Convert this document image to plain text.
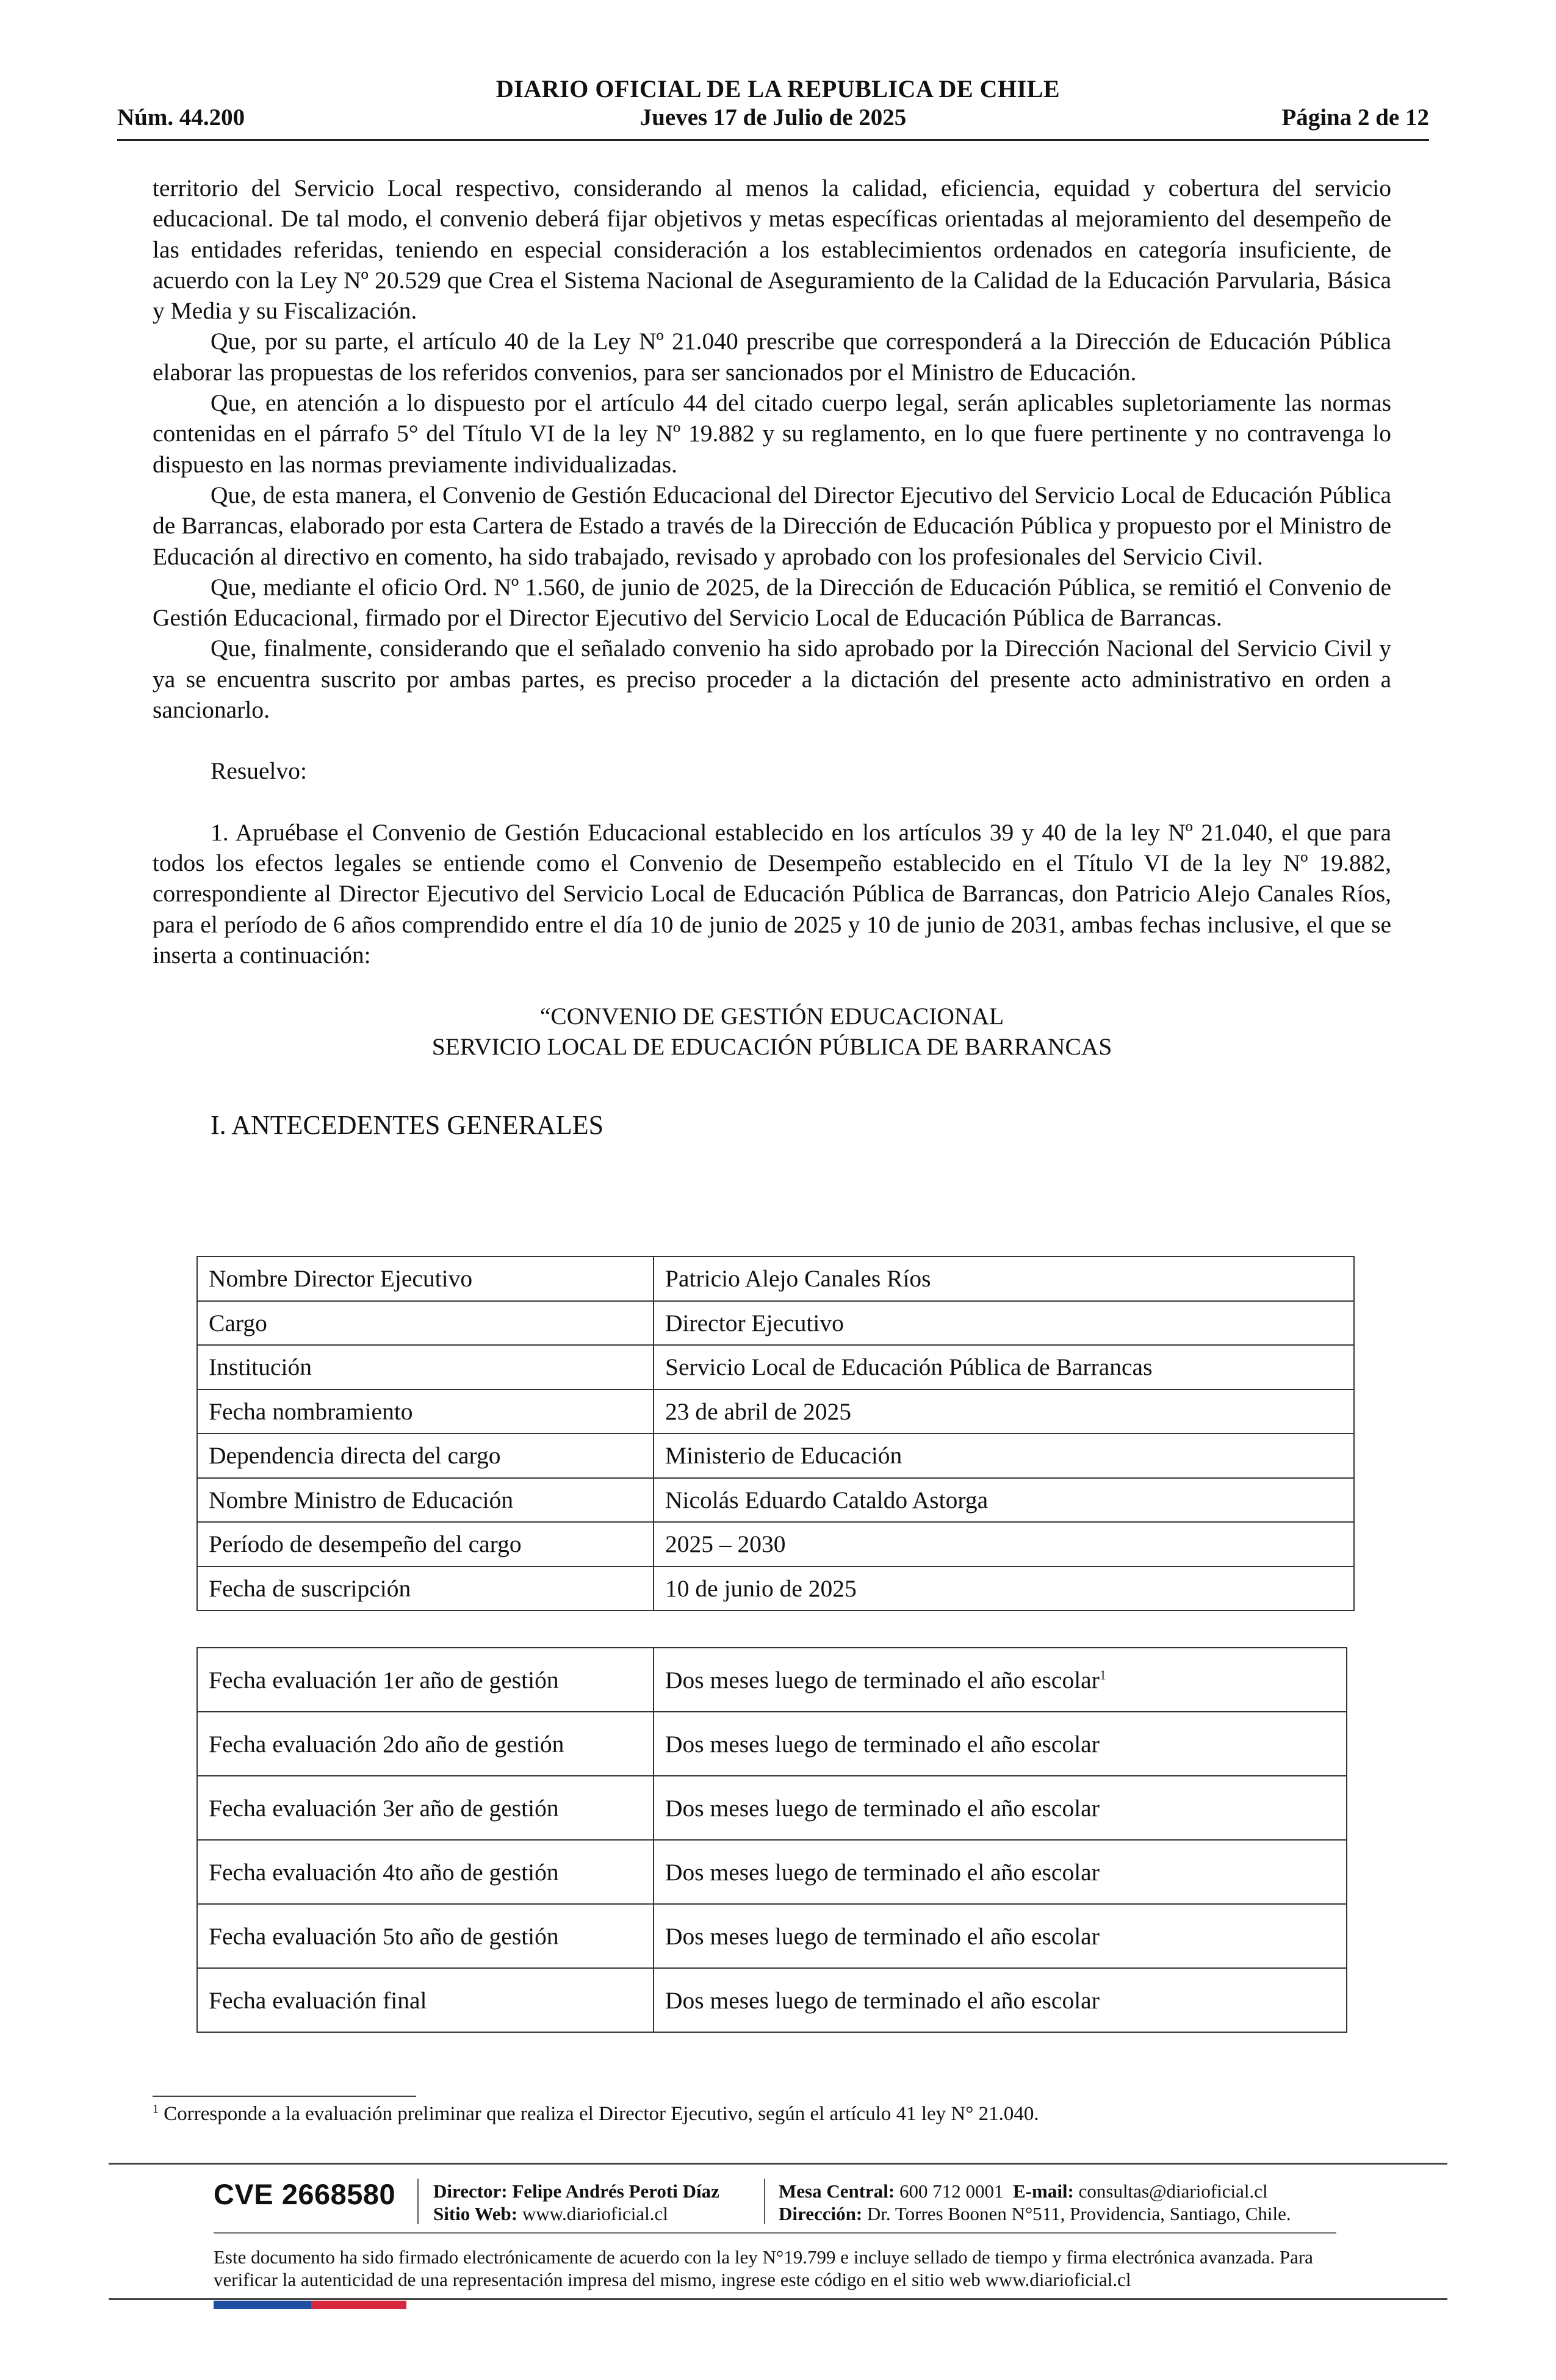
DIARIO OFICIAL DE LA REPUBLICA DE CHILE
Núm. 44.200	Jueves 17 de Julio de 2025	Página 2 de 12

territorio del Servicio Local respectivo, considerando al menos la calidad, eficiencia, equidad y cobertura del servicio educacional. De tal modo, el convenio deberá fijar objetivos y metas específicas orientadas al mejoramiento del desempeño de las entidades referidas, teniendo en especial consideración a los establecimientos ordenados en categoría insuficiente, de acuerdo con la Ley Nº 20.529 que Crea el Sistema Nacional de Aseguramiento de la Calidad de la Educación Parvularia, Básica y Media y su Fiscalización.

Que, por su parte, el artículo 40 de la Ley Nº 21.040 prescribe que corresponderá a la Dirección de Educación Pública elaborar las propuestas de los referidos convenios, para ser sancionados por el Ministro de Educación.

Que, en atención a lo dispuesto por el artículo 44 del citado cuerpo legal, serán aplicables supletoriamente las normas contenidas en el párrafo 5° del Título VI de la ley Nº 19.882 y su reglamento, en lo que fuere pertinente y no contravenga lo dispuesto en las normas previamente individualizadas.

Que, de esta manera, el Convenio de Gestión Educacional del Director Ejecutivo del Servicio Local de Educación Pública de Barrancas, elaborado por esta Cartera de Estado a través de la Dirección de Educación Pública y propuesto por el Ministro de Educación al directivo en comento, ha sido trabajado, revisado y aprobado con los profesionales del Servicio Civil.

Que, mediante el oficio Ord. Nº 1.560, de junio de 2025, de la Dirección de Educación Pública, se remitió el Convenio de Gestión Educacional, firmado por el Director Ejecutivo del Servicio Local de Educación Pública de Barrancas.

Que, finalmente, considerando que el señalado convenio ha sido aprobado por la Dirección Nacional del Servicio Civil y ya se encuentra suscrito por ambas partes, es preciso proceder a la dictación del presente acto administrativo en orden a sancionarlo.

Resuelvo:

1. Apruébase el Convenio de Gestión Educacional establecido en los artículos 39 y 40 de la ley Nº 21.040, el que para todos los efectos legales se entiende como el Convenio de Desempeño establecido en el Título VI de la ley Nº 19.882, correspondiente al Director Ejecutivo del Servicio Local de Educación Pública de Barrancas, don Patricio Alejo Canales Ríos, para el período de 6 años comprendido entre el día 10 de junio de 2025 y 10 de junio de 2031, ambas fechas inclusive, el que se inserta a continuación:

“CONVENIO DE GESTIÓN EDUCACIONAL

SERVICIO LOCAL DE EDUCACIÓN PÚBLICA DE BARRANCAS

I. ANTECEDENTES GENERALES

Nombre Director Ejecutivo	Patricio Alejo Canales Ríos
Cargo	Director Ejecutivo
Institución	Servicio Local de Educación Pública de Barrancas
Fecha nombramiento	23 de abril de 2025
Dependencia directa del cargo	Ministerio de Educación
Nombre Ministro de Educación	Nicolás Eduardo Cataldo Astorga
Período de desempeño del cargo	2025 – 2030
Fecha de suscripción	10 de junio de 2025
Fecha evaluación 1er año de gestión	Dos meses luego de terminado el año escolar$^1$
Fecha evaluación 2do año de gestión	Dos meses luego de terminado el año escolar
Fecha evaluación 3er año de gestión	Dos meses luego de terminado el año escolar
Fecha evaluación 4to año de gestión	Dos meses luego de terminado el año escolar
Fecha evaluación 5to año de gestión	Dos meses luego de terminado el año escolar
Fecha evaluación final	Dos meses luego de terminado el año escolar
$^1$ Corresponde a la evaluación preliminar que realiza el Director Ejecutivo, según el artículo 41 ley N° 21.040.
CVE 2668580 Director: Felipe Andrés Peroti Díaz
Sitio Web: www.diarioficial.cl
Mesa Central: 600 712 0001 E-mail: consultas@diarioficial.cl
Dirección: Dr. Torres Boonen N°511, Providencia, Santiago, Chile.
Este documento ha sido firmado electrónicamente de acuerdo con la ley N°19.799 e incluye sellado de tiempo y firma electrónica avanzada. Para verificar la autenticidad de una representación impresa del mismo, ingrese este código en el sitio web www.diarioficial.cl
